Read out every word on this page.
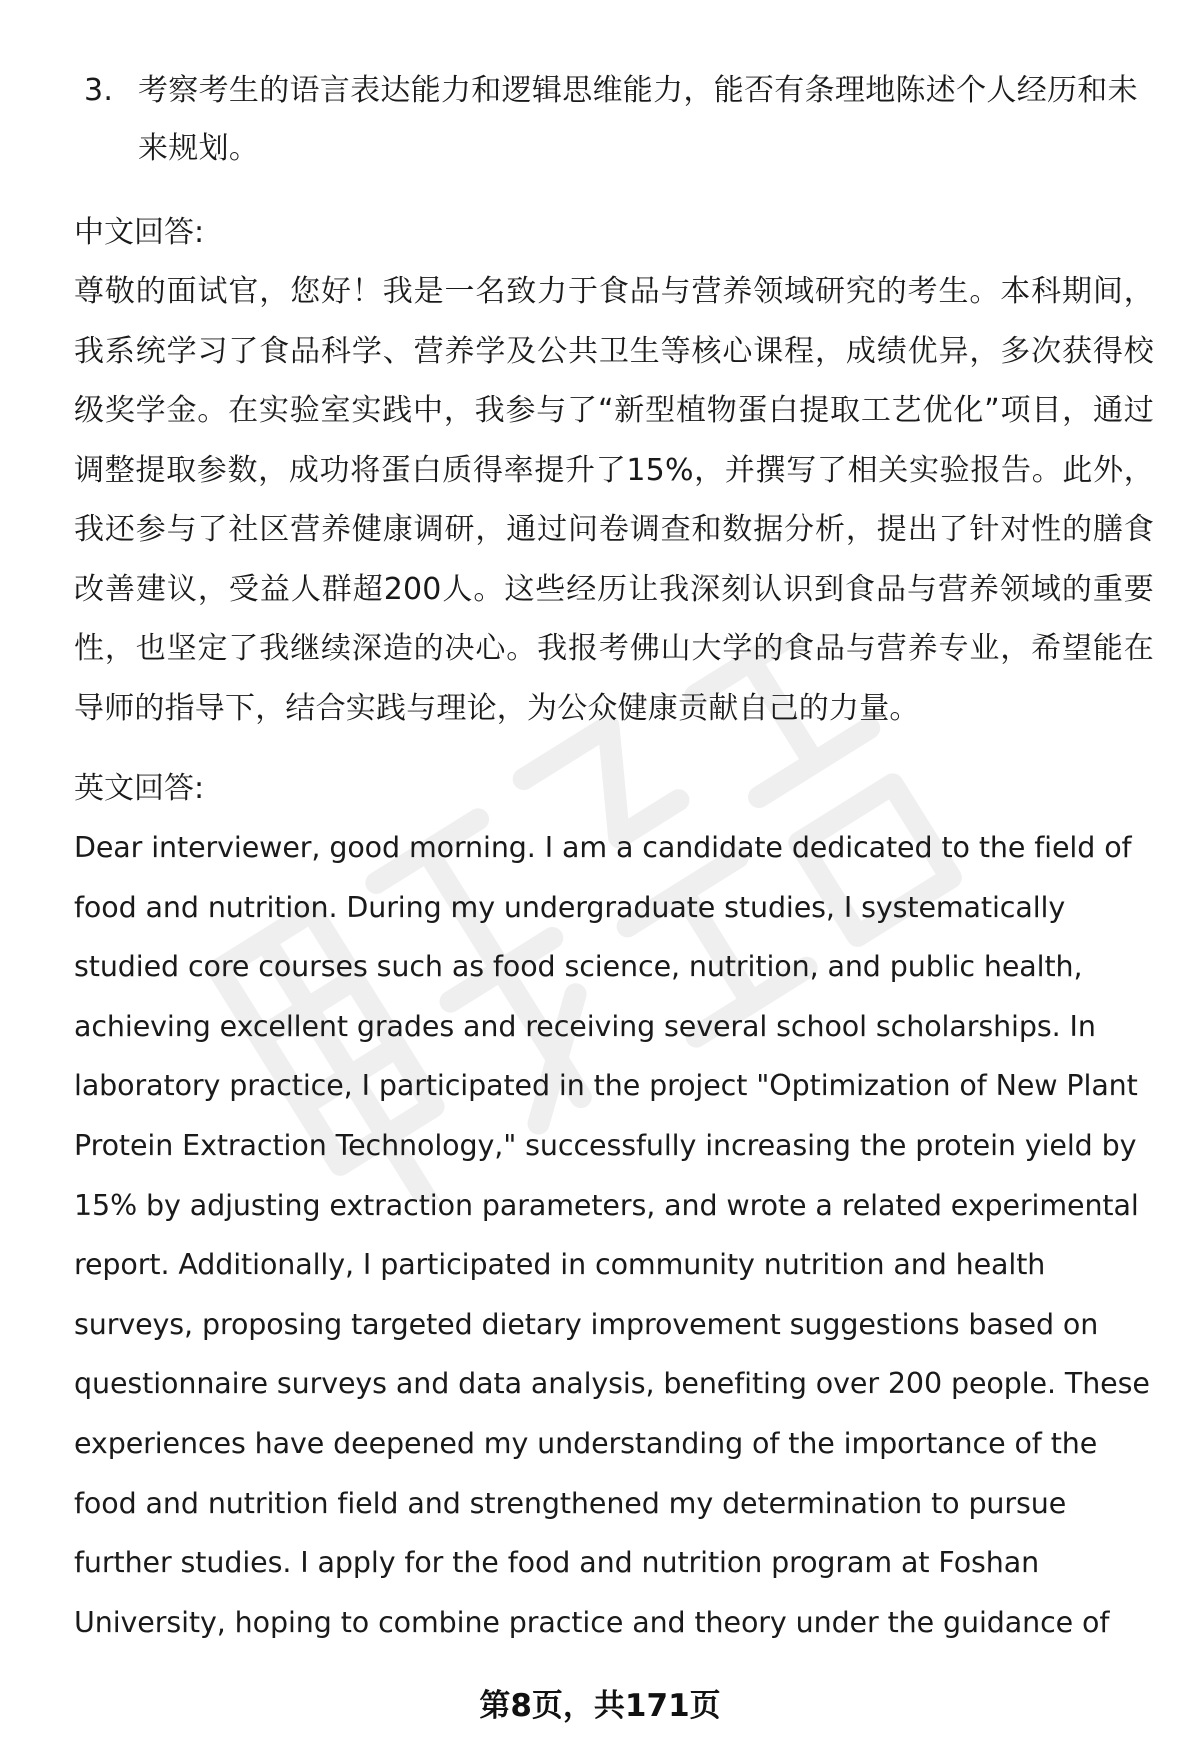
3. 考察考生的语言表达能力和逻辑思维能力，能否有条理地陈述个人经历和未来规划。
中文回答:
尊敬的面试官，您好！我是一名致力于食品与营养领域研究的考生。本科期间，我系统学习了食品科学、营养学及公共卫生等核心课程，成绩优异，多次获得校级奖学金。在实验室实践中，我参与了“新型植物蛋白提取工艺优化”项目，通过调整提取参数，成功将蛋白质得率提升了15%，并撰写了相关实验报告。此外，我还参与了社区营养健康调研，通过问卷调查和数据分析，提出了针对性的膳食改善建议，受益人群超200人。这些经历让我深刻认识到食品与营养领域的重要性，也坚定了我继续深造的决心。我报考佛山大学的食品与营养专业，希望能在导师的指导下，结合实践与理论，为公众健康贡献自己的力量。
英文回答:
Dear interviewer, good morning. I am a candidate dedicated to the field of
food and nutrition. During my undergraduate studies, I systematically
studied core courses such as food science, nutrition, and public health,
achieving excellent grades and receiving several school scholarships. In
laboratory practice, I participated in the project "Optimization of New Plant
Protein Extraction Technology," successfully increasing the protein yield by
15% by adjusting extraction parameters, and wrote a related experimental
report. Additionally, I participated in community nutrition and health
surveys, proposing targeted dietary improvement suggestions based on
questionnaire surveys and data analysis, benefiting over 200 people. These
experiences have deepened my understanding of the importance of the
food and nutrition field and strengthened my determination to pursue
further studies. I apply for the food and nutrition program at Foshan
University, hoping to combine practice and theory under the guidance of
第8页，共171页
